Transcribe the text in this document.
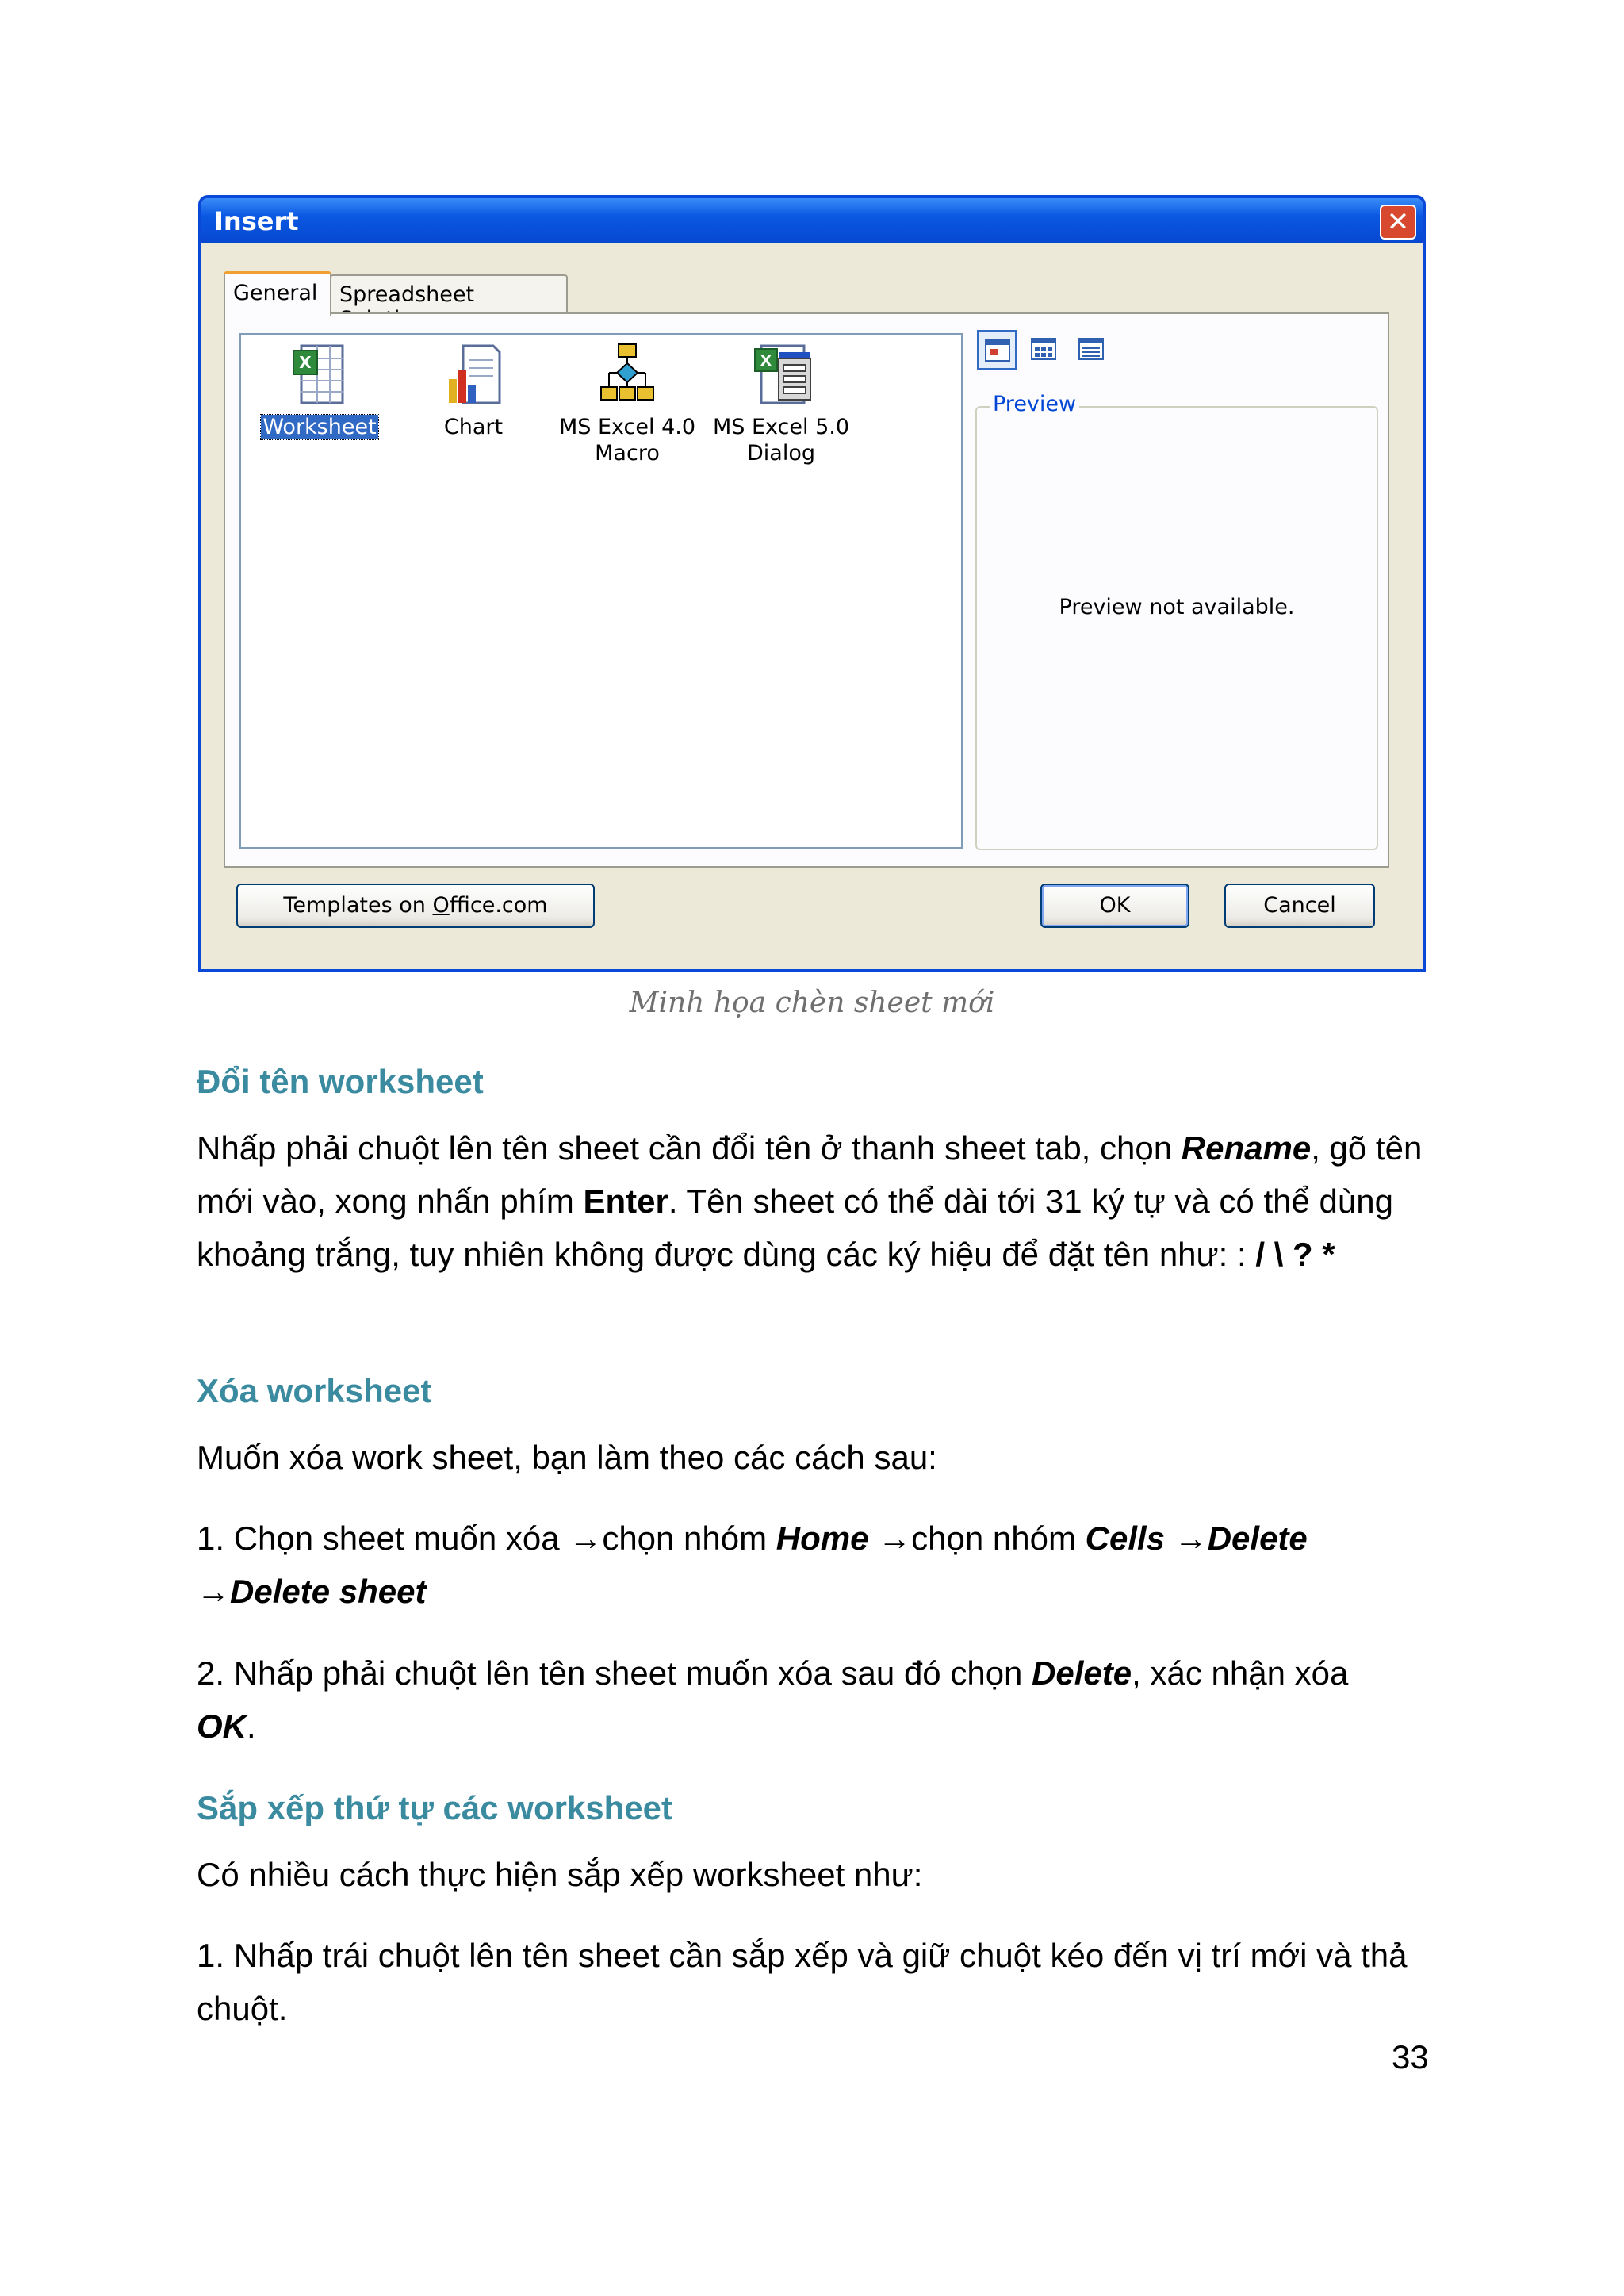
Insert	✕
General	Spreadsheet
X
Worksheet	Chart	MS Excel 4.0 Macro
X
MS Excel 5.0 Dialog
Preview
Preview not available.
Templates on Office.com	OK	Cancel
Minh họa chèn sheet mới
Đổi tên worksheet
Nhấp phải chuột lên tên sheet cần đổi tên ở thanh sheet tab, chọn Rename, gõ tên mới vào, xong nhấn phím Enter. Tên sheet có thể dài tới 31 ký tự và có thể dùng khoảng trắng, tuy nhiên không được dùng các ký hiệu để đặt tên như: : / \ ? *
Xóa worksheet
Muốn xóa work sheet, bạn làm theo các cách sau:
1. Chọn sheet muốn xóa →chọn nhóm Home →chọn nhóm Cells →Delete
→Delete sheet
2. Nhấp phải chuột lên tên sheet muốn xóa sau đó chọn Delete, xác nhận xóa
OK.
Sắp xếp thứ tự các worksheet
Có nhiều cách thực hiện sắp xếp worksheet như:
1. Nhấp trái chuột lên tên sheet cần sắp xếp và giữ chuột kéo đến vị trí mới và thả chuột.
33
